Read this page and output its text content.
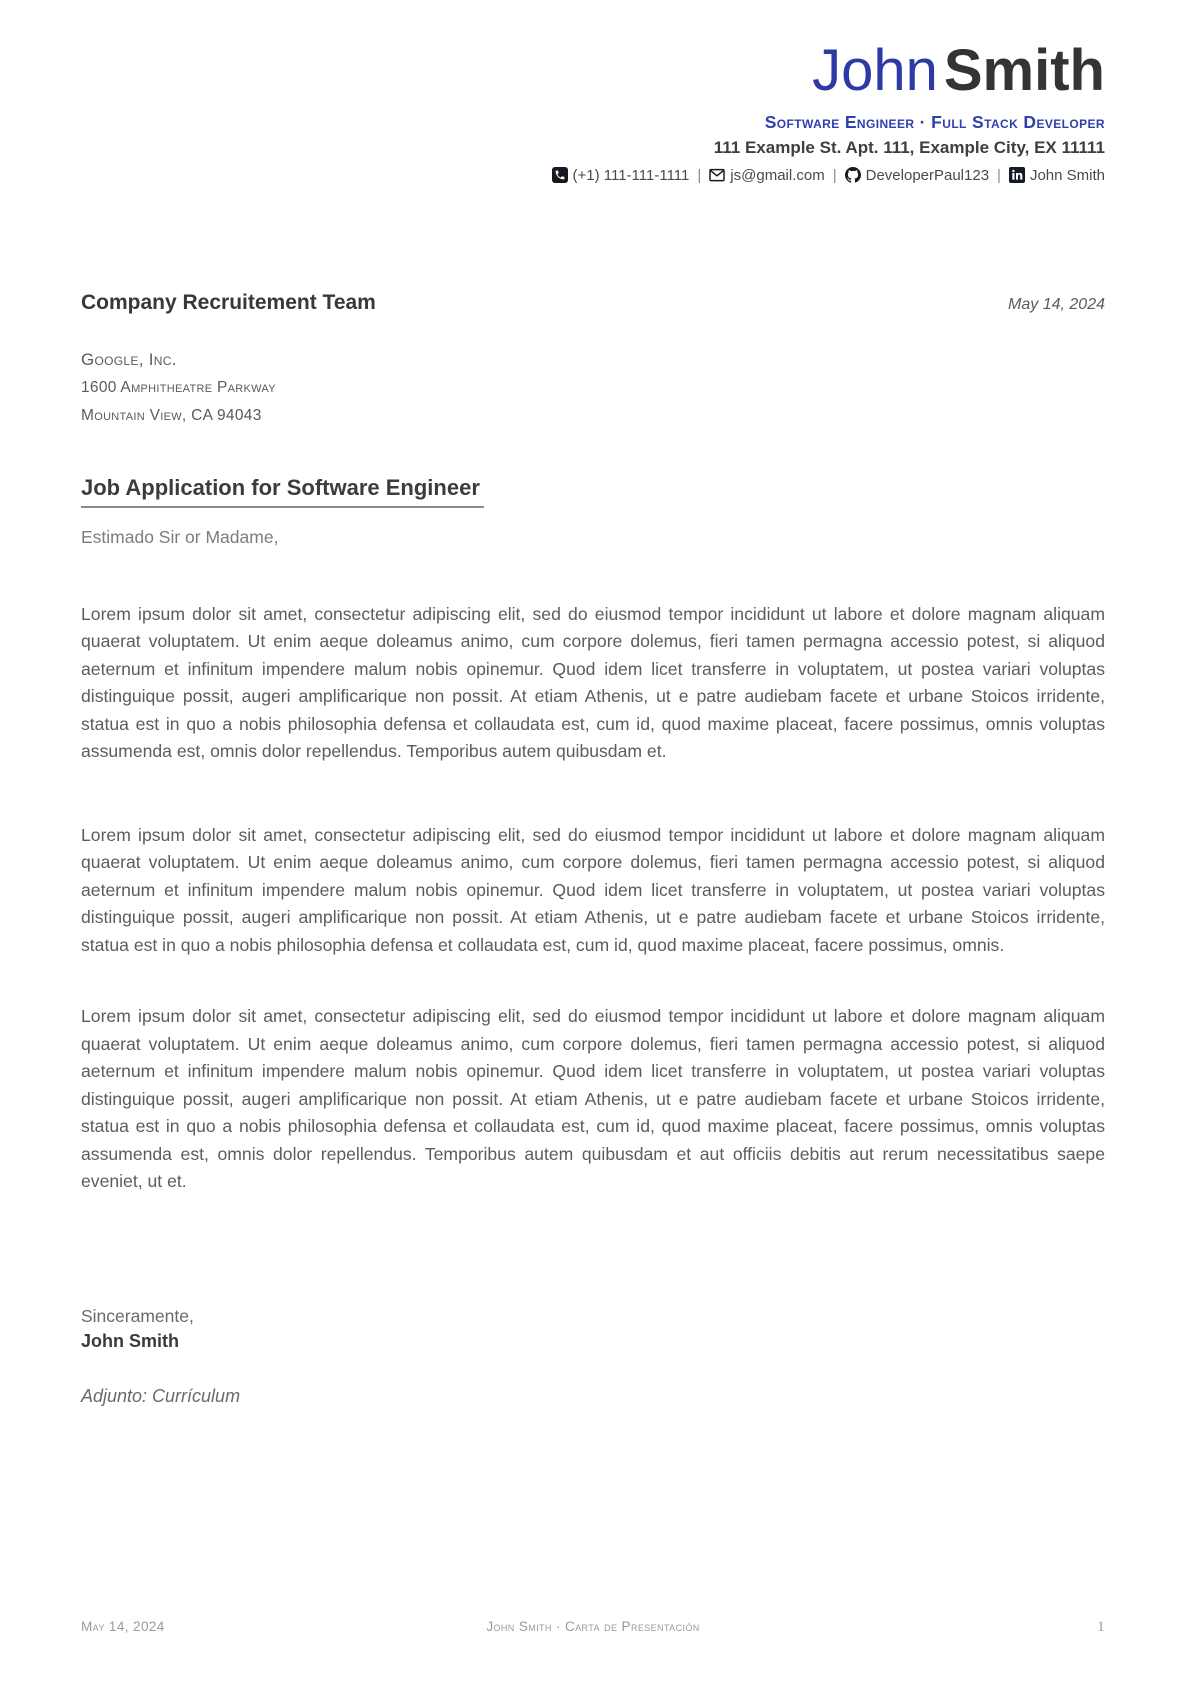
John Smith
Software Engineer · Full Stack Developer
111 Example St. Apt. 111, Example City, EX 11111
(+1) 111-111-1111 | js@gmail.com | DeveloperPaul123 | John Smith
Company Recruitement Team	May 14, 2024
Google, Inc.
1600 Amphitheatre Parkway
Mountain View, CA 94043
Job Application for Software Engineer
Estimado Sir or Madame,

Lorem ipsum dolor sit amet, consectetur adipiscing elit, sed do eiusmod tempor incididunt ut labore et dolore magnam aliquam quaerat voluptatem. Ut enim aeque doleamus animo, cum corpore dolemus, fieri tamen permagna accessio potest, si aliquod aeternum et infinitum impendere malum nobis opinemur. Quod idem licet transferre in voluptatem, ut postea variari voluptas distinguique possit, augeri amplificarique non possit. At etiam Athenis, ut e patre audiebam facete et urbane Stoicos irridente, statua est in quo a nobis philosophia defensa et collaudata est, cum id, quod maxime placeat, facere possimus, omnis voluptas assumenda est, omnis dolor repellendus. Temporibus autem quibusdam et.

Lorem ipsum dolor sit amet, consectetur adipiscing elit, sed do eiusmod tempor incididunt ut labore et dolore magnam aliquam quaerat voluptatem. Ut enim aeque doleamus animo, cum corpore dolemus, fieri tamen permagna accessio potest, si aliquod aeternum et infinitum impendere malum nobis opinemur. Quod idem licet transferre in voluptatem, ut postea variari voluptas distinguique possit, augeri amplificarique non possit. At etiam Athenis, ut e patre audiebam facete et urbane Stoicos irridente, statua est in quo a nobis philosophia defensa et collaudata est, cum id, quod maxime placeat, facere possimus, omnis.

Lorem ipsum dolor sit amet, consectetur adipiscing elit, sed do eiusmod tempor incididunt ut labore et dolore magnam aliquam quaerat voluptatem. Ut enim aeque doleamus animo, cum corpore dolemus, fieri tamen permagna accessio potest, si aliquod aeternum et infinitum impendere malum nobis opinemur. Quod idem licet transferre in voluptatem, ut postea variari voluptas distinguique possit, augeri amplificarique non possit. At etiam Athenis, ut e patre audiebam facete et urbane Stoicos irridente, statua est in quo a nobis philosophia defensa et collaudata est, cum id, quod maxime placeat, facere possimus, omnis voluptas assumenda est, omnis dolor repellendus. Temporibus autem quibusdam et aut officiis debitis aut rerum necessitatibus saepe eveniet, ut et.

Sinceramente,
John Smith
Adjunto: Currículum
May 14, 2024	John Smith · Carta de Presentación	1
